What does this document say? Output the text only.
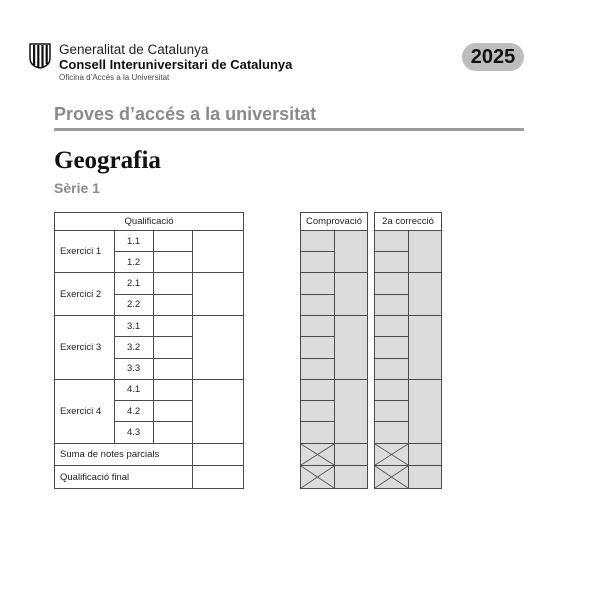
Generalitat de Catalunya
Consell Interuniversitari de Catalunya
Oficina d’Accés a la Universitat
2025
Proves d’accés a la universitat
Geografia
Sèrie 1
Qualificació
Exercici 1
Exercici 2
Exercici 3
Exercici 4
1.1
1.2
2.1
2.2
3.1
3.2
3.3
4.1
4.2
4.3
Suma de notes parcials
Qualificació final
Comprovació	2a correcció
